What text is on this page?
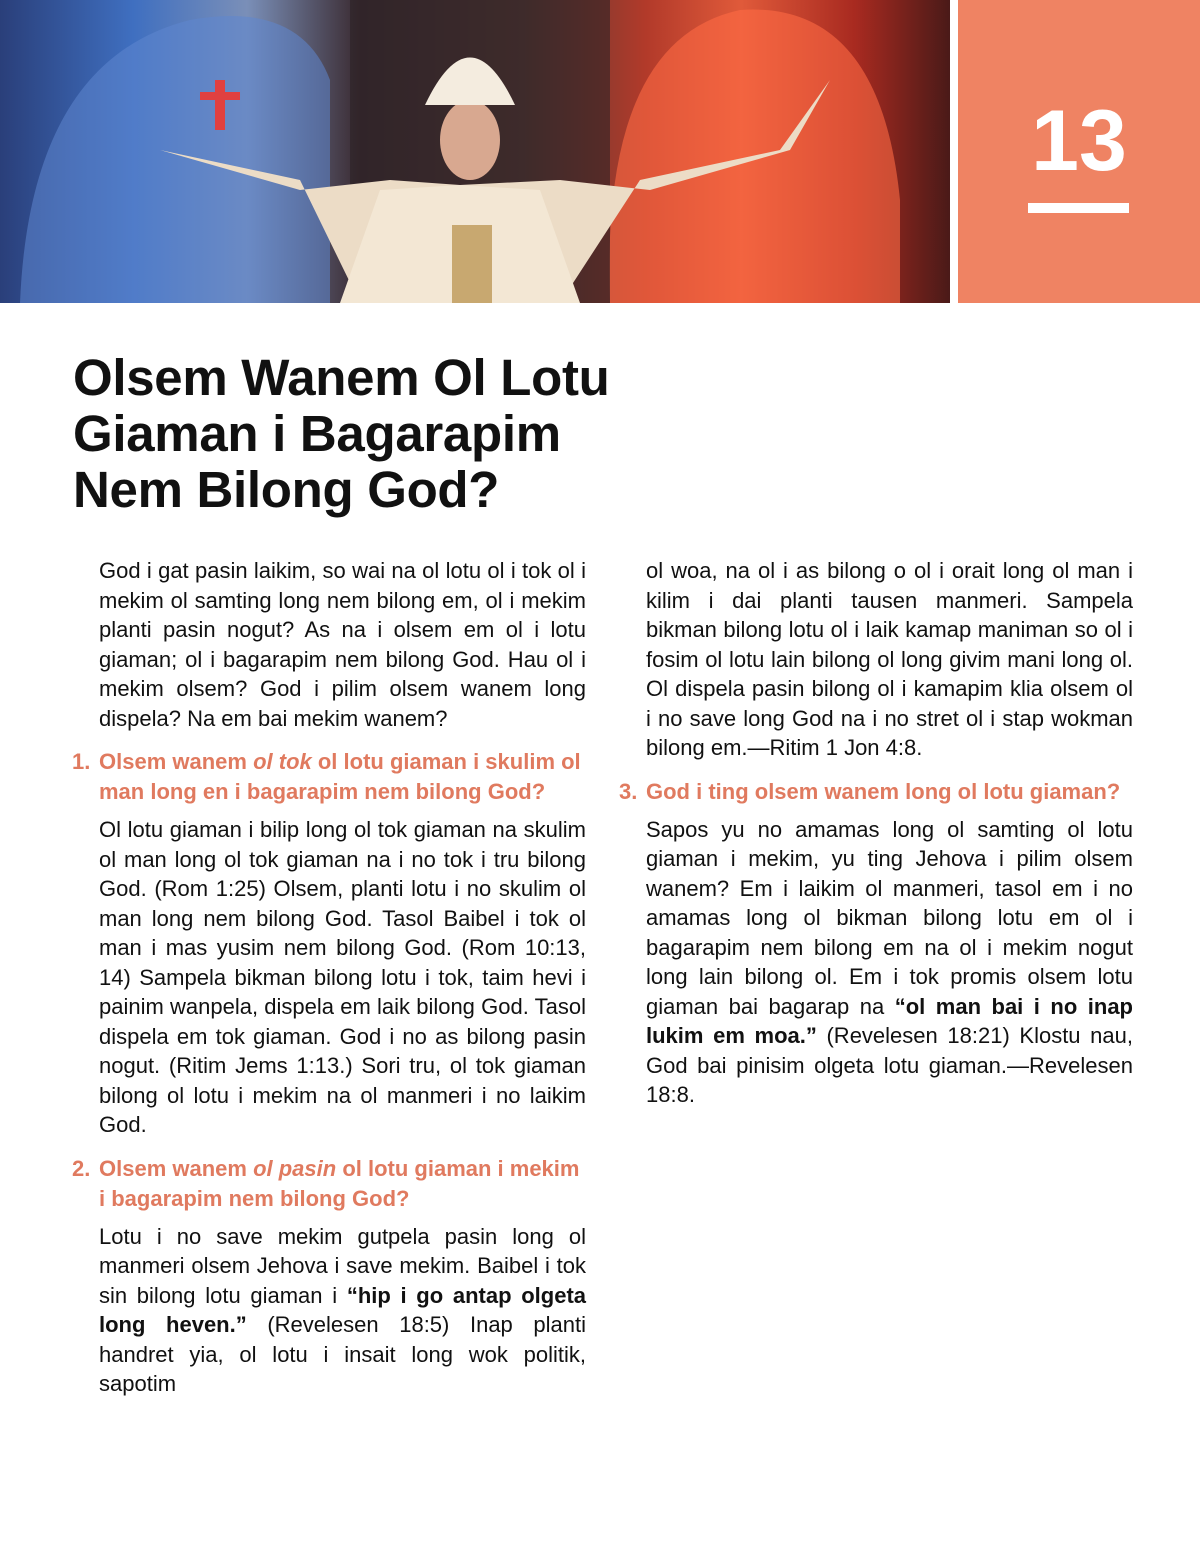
13
Olsem Wanem Ol Lotu Giaman i Bagarapim Nem Bilong God?

God i gat pasin laikim, so wai na ol lotu ol i tok ol i mekim ol samting long nem bilong em, ol i mekim planti pasin nogut? As na i olsem em ol i lotu giaman; ol i bagarapim nem bilong God. Hau ol i mekim olsem? God i pilim olsem wanem long dispela? Na em bai mekim wanem?

1. Olsem wanem ol tok ol lotu giaman i skulim ol man long en i bagarapim nem bilong God?

Ol lotu giaman i bilip long ol tok giaman na skulim ol man long ol tok giaman na i no tok i tru bilong God. (Rom 1:25) Olsem, planti lotu i no skulim ol man long nem bilong God. Tasol Baibel i tok ol man i mas yusim nem bilong God. (Rom 10:13, 14) Sampela bikman bilong lotu i tok, taim hevi i painim wanpela, dispela em laik bilong God. Tasol dispela em tok giaman. God i no as bilong pasin nogut. (Ritim Jems 1:13.) Sori tru, ol tok giaman bilong ol lotu i mekim na ol manmeri i no laikim God.

2. Olsem wanem ol pasin ol lotu giaman i mekim i bagarapim nem bilong God?

Lotu i no save mekim gutpela pasin long ol manmeri olsem Jehova i save mekim. Baibel i tok sin bilong lotu giaman i “hip i go antap olgeta long heven.” (Revelesen 18:5) Inap planti handret yia, ol lotu i insait long wok politik, sapotim

ol woa, na ol i as bilong o ol i orait long ol man i kilim i dai planti tausen manmeri. Sampela bikman bilong lotu ol i laik kamap maniman so ol i fosim ol lotu lain bilong ol long givim mani long ol. Ol dispela pasin bilong ol i kamapim klia olsem ol i no save long God na i no stret ol i stap wokman bilong em.—Ritim 1 Jon 4:8.

3. God i ting olsem wanem long ol lotu giaman?

Sapos yu no amamas long ol samting ol lotu giaman i mekim, yu ting Jehova i pilim olsem wanem? Em i laikim ol manmeri, tasol em i no amamas long ol bikman bilong lotu em ol i bagarapim nem bilong em na ol i mekim nogut long lain bilong ol. Em i tok promis olsem lotu giaman bai bagarap na “ol man bai i no inap lukim em moa.” (Revelesen 18:21) Klostu nau, God bai pinisim olgeta lotu giaman.—Revelesen 18:8.
